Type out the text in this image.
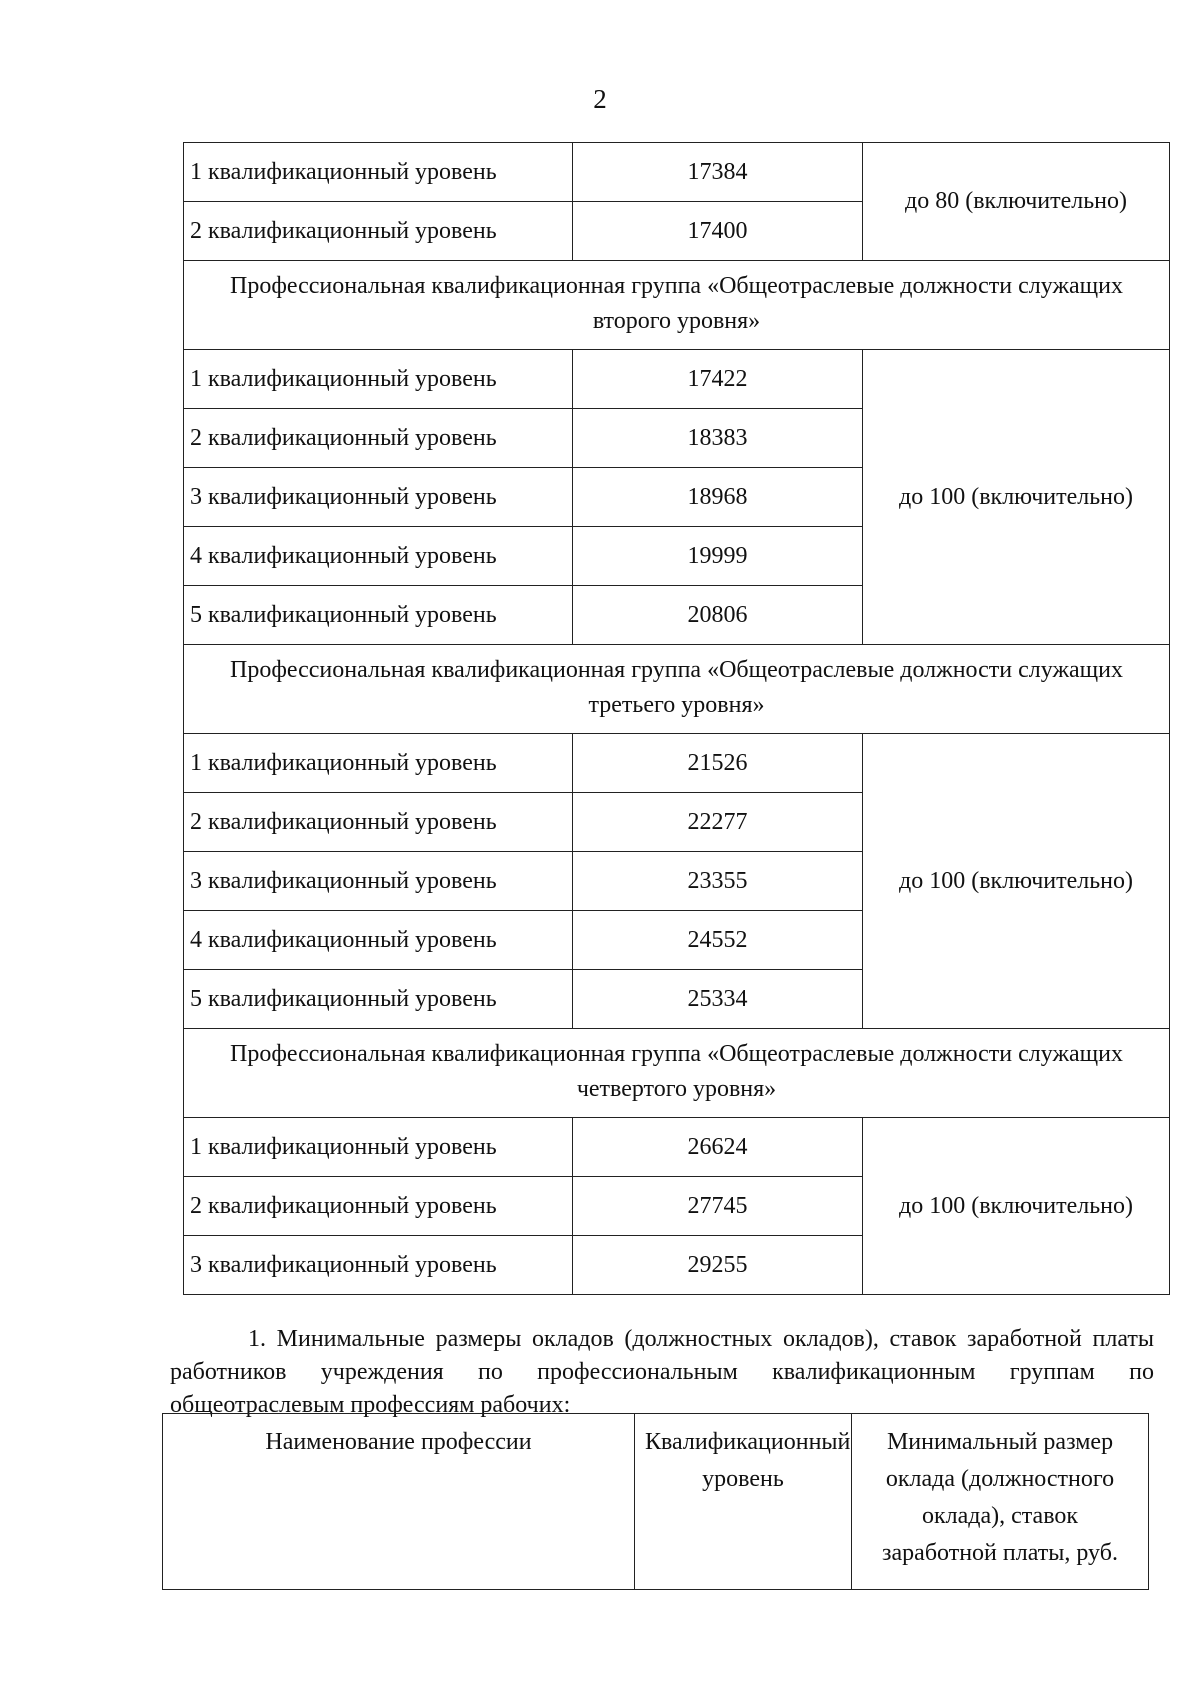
2
1 квалификационный уровень	17384	до 80 (включительно)
2 квалификационный уровень	17400	
Профессиональная квалификационная группа «Общеотраслевые должности служащих второго уровня»		
1 квалификационный уровень	17422	до 100 (включительно)
2 квалификационный уровень	18383	
3 квалификационный уровень	18968	
4 квалификационный уровень	19999	
5 квалификационный уровень	20806	
Профессиональная квалификационная группа «Общеотраслевые должности служащих третьего уровня»		
1 квалификационный уровень	21526	до 100 (включительно)
2 квалификационный уровень	22277	
3 квалификационный уровень	23355	
4 квалификационный уровень	24552	
5 квалификационный уровень	25334	
Профессиональная квалификационная группа «Общеотраслевые должности служащих четвертого уровня»		
1 квалификационный уровень	26624	до 100 (включительно)
2 квалификационный уровень	27745	
3 квалификационный уровень	29255	

1. Минимальные размеры окладов (должностных окладов), ставок заработной платы работников учреждения по профессиональным квалификационным группам по общеотраслевым профессиям рабочих:

Наименование профессии	Квалификационный уровень	Минимальный размер оклада (должностного оклада), ставок заработной платы, руб.
